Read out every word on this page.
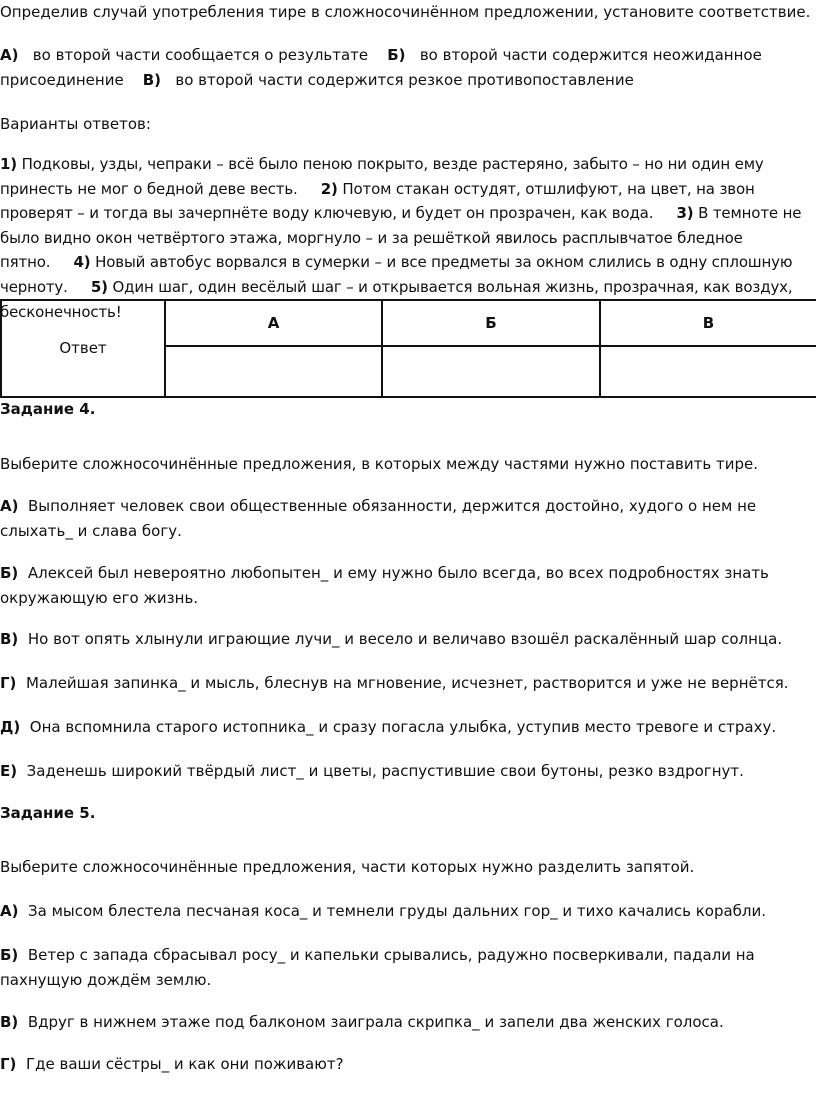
Определив случай употребления тире в сложносочинённом предложении, установите соответствие.

А) во второй части сообщается о результате Б) во второй части содержится неожиданное присоединение В) во второй части содержится резкое противопоставление

Варианты ответов:

1) Подковы, узды, чепраки – всё было пеною покрыто, везде растеряно, забыто – но ни один ему принесть не мог о бедной деве весть. 2) Потом стакан остудят, отшлифуют, на цвет, на звон проверят – и тогда вы зачерпнёте воду ключевую, и будет он прозрачен, как вода. 3) В темноте не было видно окон четвёртого этажа, моргнуло – и за решёткой явилось расплывчатое бледное пятно. 4) Новый автобус ворвался в сумерки – и все предметы за окном слились в одну сплошную черноту. 5) Один шаг, один весёлый шаг – и открывается вольная жизнь, прозрачная, как воздух, бесконечность!

Ответ	А	Б	В

Задание 4.

Выберите сложносочинённые предложения, в которых между частями нужно поставить тире.

А) Выполняет человек свои общественные обязанности, держится достойно, худого о нем не слыхать_ и слава богу.

Б) Алексей был невероятно любопытен_ и ему нужно было всегда, во всех подробностях знать окружающую его жизнь.

В) Но вот опять хлынули играющие лучи_ и весело и величаво взошёл раскалённый шар солнца.

Г) Малейшая запинка_ и мысль, блеснув на мгновение, исчезнет, растворится и уже не вернётся.

Д) Она вспомнила старого истопника_ и сразу погасла улыбка, уступив место тревоге и страху.

Е) Заденешь широкий твёрдый лист_ и цветы, распустившие свои бутоны, резко вздрогнут.

Задание 5.

Выберите сложносочинённые предложения, части которых нужно разделить запятой.

А) За мысом блестела песчаная коса_ и темнели груды дальних гор_ и тихо качались корабли.

Б) Ветер с запада сбрасывал росу_ и капельки срывались, радужно посверкивали, падали на пахнущую дождём землю.

В) Вдруг в нижнем этаже под балконом заиграла скрипка_ и запели два женских голоса.

Г) Где ваши сёстры_ и как они поживают?
